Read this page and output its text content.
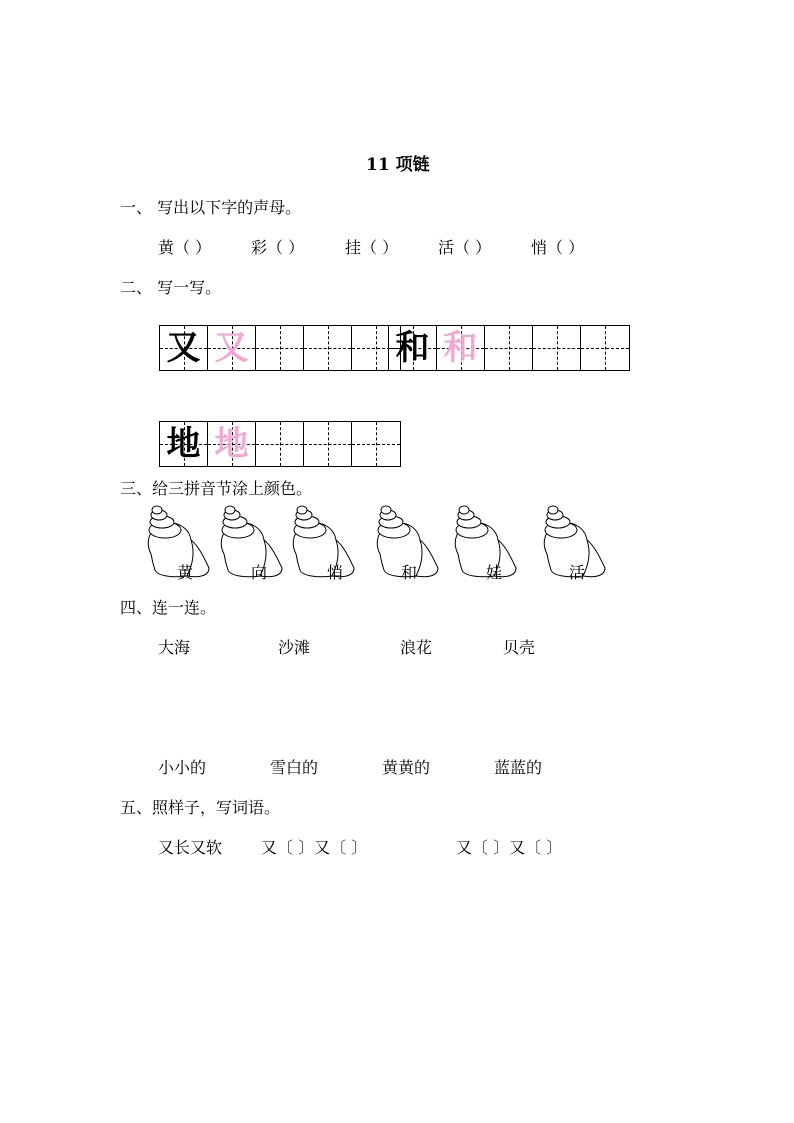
11 项链
一、 写出以下字的声母。
黄（ ） 彩（ ）	挂（ ） 活（ ） 悄（ ）
二、 写一写。
又 又	和 和
地 地
三、给三拼音节涂上颜色。
黄	向	悄	和	娃	活
四、连一连。
大海	沙滩	浪花	贝壳
小小的	雪白的	黄黄的	蓝蓝的
五、照样子，写词语。
又长又软 又〔 〕又〔 〕	又〔 〕又〔 〕
